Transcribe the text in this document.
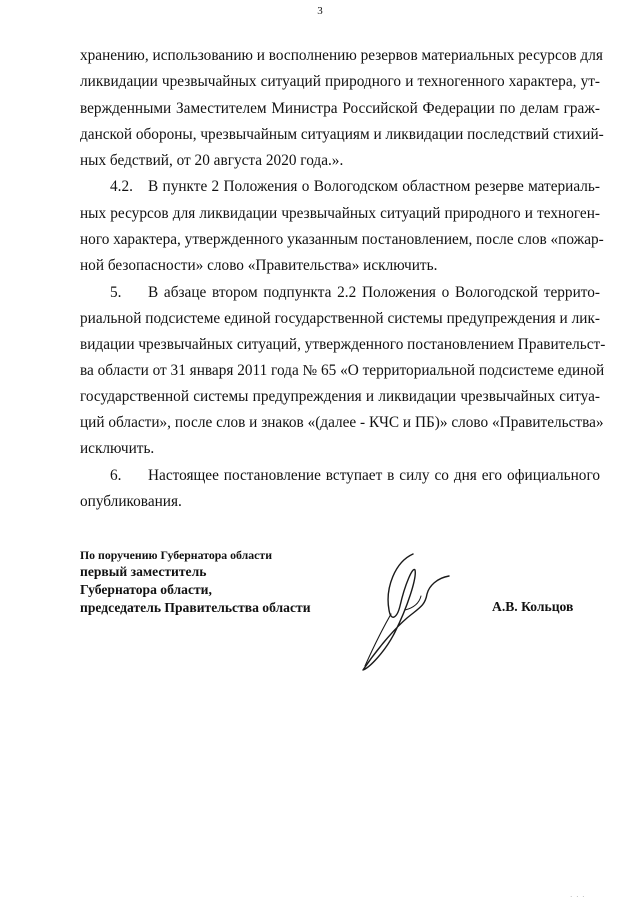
3
хранению, использованию и восполнению резервов материальных ресурсов для
ликвидации чрезвычайных ситуаций природного и техногенного характера, ут-
вержденными Заместителем Министра Российской Федерации по делам граж-
данской обороны, чрезвычайным ситуациям и ликвидации последствий стихий-
ных бедствий, от 20 августа 2020 года.».
4.2. В пункте 2 Положения о Вологодском областном резерве материаль-
ных ресурсов для ликвидации чрезвычайных ситуаций природного и техноген-
ного характера, утвержденного указанным постановлением, после слов «пожар-
ной безопасности» слово «Правительства» исключить.
5. В абзаце втором подпункта 2.2 Положения о Вологодской террито-
риальной подсистеме единой государственной системы предупреждения и лик-
видации чрезвычайных ситуаций, утвержденного постановлением Правительст-
ва области от 31 января 2011 года № 65 «О территориальной подсистеме единой
государственной системы предупреждения и ликвидации чрезвычайных ситуа-
ций области», после слов и знаков «(далее - КЧС и ПБ)» слово «Правительства»
исключить.
6. Настоящее постановление вступает в силу со дня его официального
опубликования.
По поручению Губернатора области
первый заместитель
Губернатора области,
председатель Правительства области	А.В. Кольцов
· · ·
